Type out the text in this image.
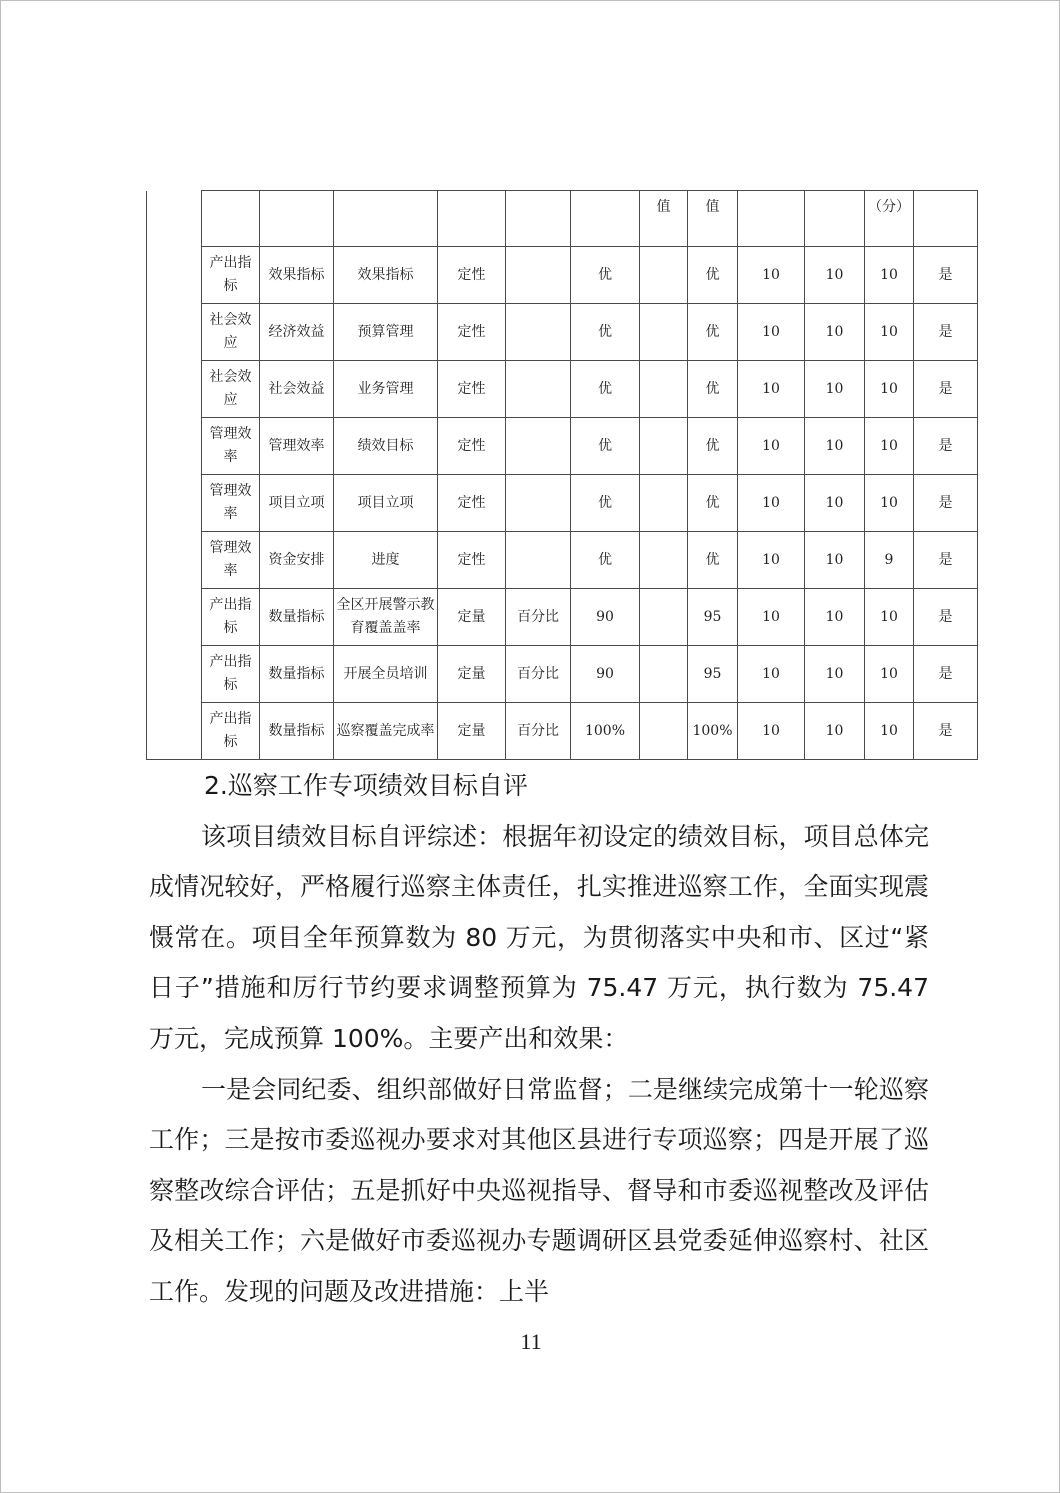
							值	值			（分）	
	产出指标	效果指标	效果指标	定性		优		优	10	10	10	是
	社会效应	经济效益	预算管理	定性		优		优	10	10	10	是
	社会效应	社会效益	业务管理	定性		优		优	10	10	10	是
	管理效率	管理效率	绩效目标	定性		优		优	10	10	10	是
	管理效率	项目立项	项目立项	定性		优		优	10	10	10	是
	管理效率	资金安排	进度	定性		优		优	10	10	9	是
	产出指标	数量指标	全区开展警示教育覆盖盖率	定量	百分比	90		95	10	10	10	是
	产出指标	数量指标	开展全员培训	定量	百分比	90		95	10	10	10	是
	产出指标	数量指标	巡察覆盖完成率	定量	百分比	100%		100%	10	10	10	是

2.巡察工作专项绩效目标自评

该项目绩效目标自评综述：根据年初设定的绩效目标，项目总体完成情况较好，严格履行巡察主体责任，扎实推进巡察工作，全面实现震慑常在。项目全年预算数为 80 万元，为贯彻落实中央和市、区过“紧日子”措施和厉行节约要求调整预算为 75.47 万元，执行数为 75.47 万元，完成预算 100%。主要产出和效果：

一是会同纪委、组织部做好日常监督；二是继续完成第十一轮巡察工作；三是按市委巡视办要求对其他区县进行专项巡察；四是开展了巡察整改综合评估；五是抓好中央巡视指导、督导和市委巡视整改及评估及相关工作；六是做好市委巡视办专题调研区县党委延伸巡察村、社区工作。发现的问题及改进措施：上半

11
